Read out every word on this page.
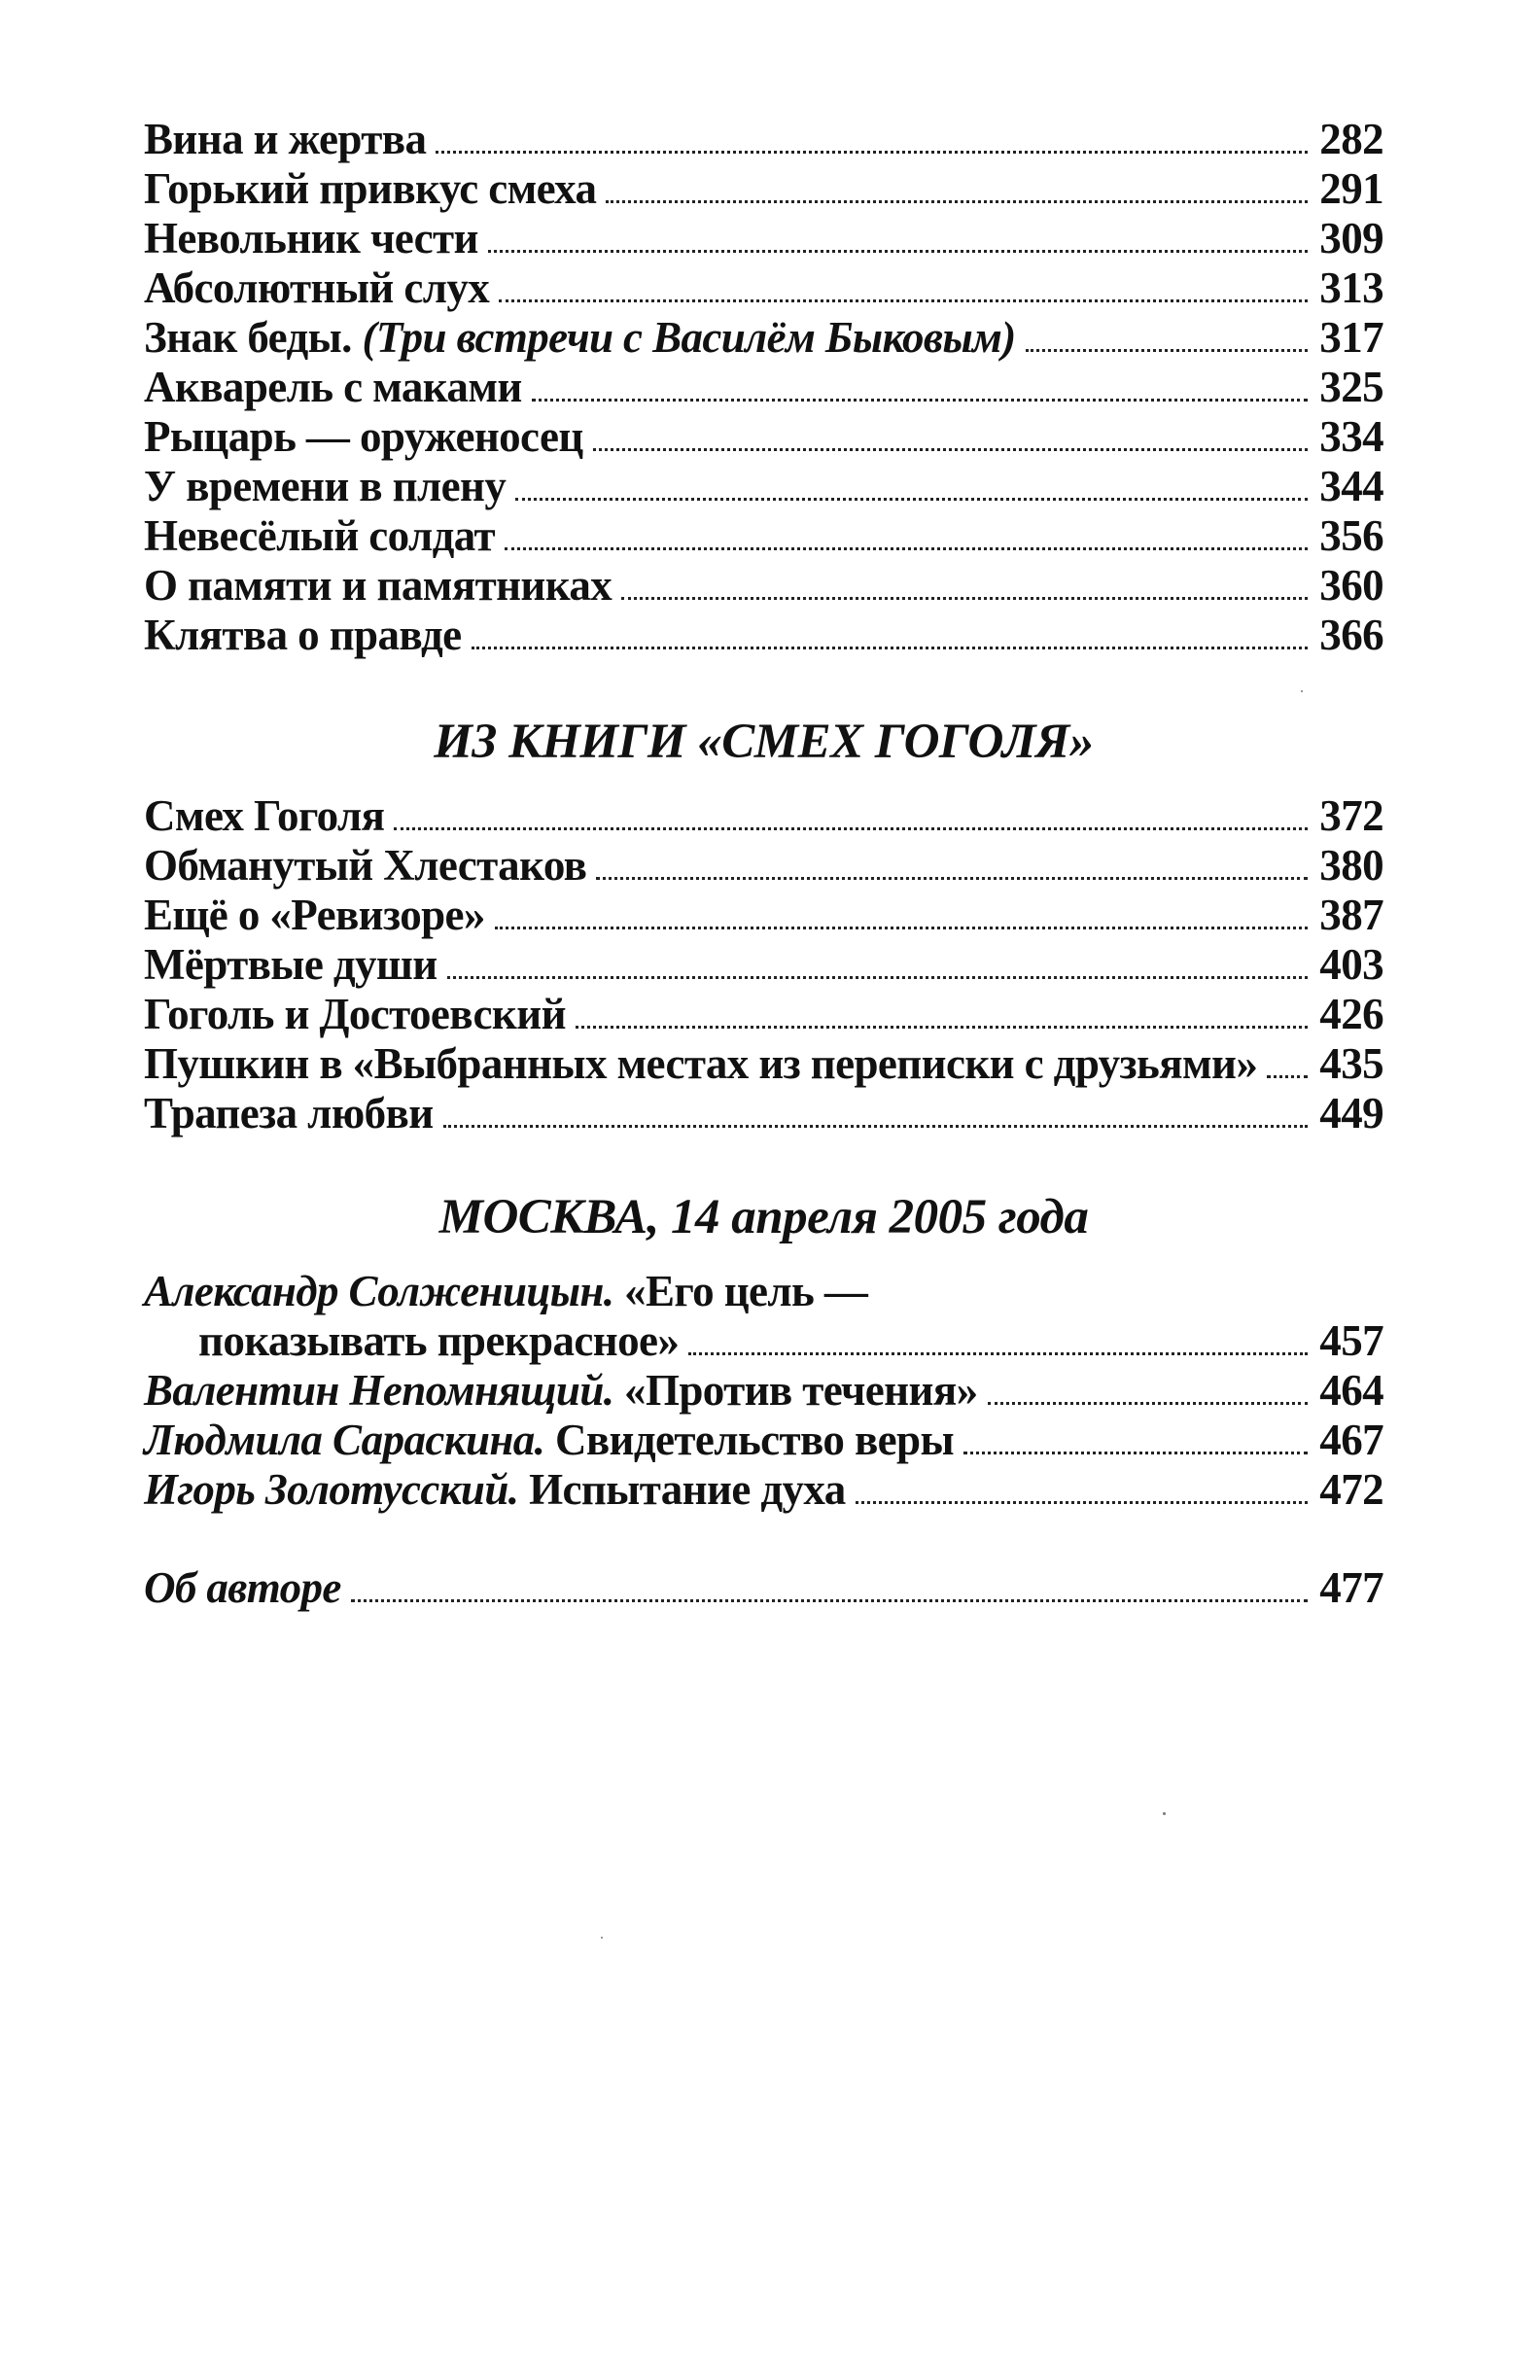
Вина и жертва	282
Горький привкус смеха	291
Невольник чести	309
Абсолютный слух	313
Знак беды. (Три встречи с Василём Быковым)	317
Акварель с маками	325
Рыцарь — оруженосец	334
У времени в плену	344
Невесёлый солдат	356
О памяти и памятниках	360
Клятва о правде	366
ИЗ КНИГИ «СМЕХ ГОГОЛЯ»
Смех Гоголя	372
Обманутый Хлестаков	380
Ещё о «Ревизоре»	387
Мёртвые души	403
Гоголь и Достоевский	426
Пушкин в «Выбранных местах из переписки с друзьями» 435
Трапеза любви	449
МОСКВА, 14 апреля 2005 года
Александр Солженицын. «Его цель —
показывать прекрасное»	457
Валентин Непомнящий. «Против течения»	464
Людмила Сараскина. Свидетельство веры	467
Игорь Золотусский. Испытание духа	472
Об авторе	477
